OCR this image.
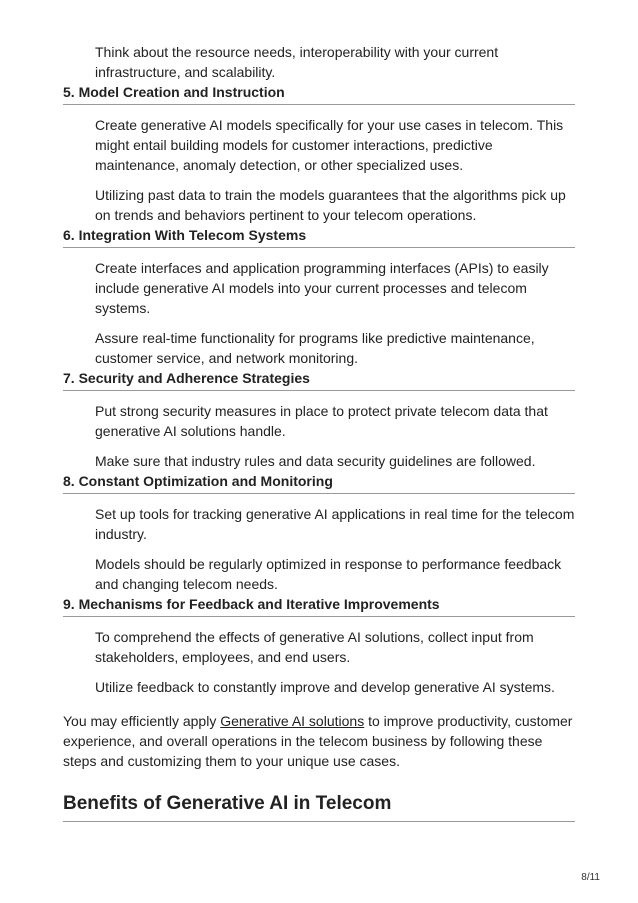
Think about the resource needs, interoperability with your current infrastructure, and scalability.

5. Model Creation and Instruction

Create generative AI models specifically for your use cases in telecom. This might entail building models for customer interactions, predictive maintenance, anomaly detection, or other specialized uses.

Utilizing past data to train the models guarantees that the algorithms pick up on trends and behaviors pertinent to your telecom operations.

6. Integration With Telecom Systems

Create interfaces and application programming interfaces (APIs) to easily include generative AI models into your current processes and telecom systems.

Assure real-time functionality for programs like predictive maintenance, customer service, and network monitoring.

7. Security and Adherence Strategies

Put strong security measures in place to protect private telecom data that generative AI solutions handle.

Make sure that industry rules and data security guidelines are followed.

8. Constant Optimization and Monitoring

Set up tools for tracking generative AI applications in real time for the telecom industry.

Models should be regularly optimized in response to performance feedback and changing telecom needs.

9. Mechanisms for Feedback and Iterative Improvements

To comprehend the effects of generative AI solutions, collect input from stakeholders, employees, and end users.

Utilize feedback to constantly improve and develop generative AI systems.

You may efficiently apply Generative AI solutions to improve productivity, customer experience, and overall operations in the telecom business by following these steps and customizing them to your unique use cases.

Benefits of Generative AI in Telecom
8/11
